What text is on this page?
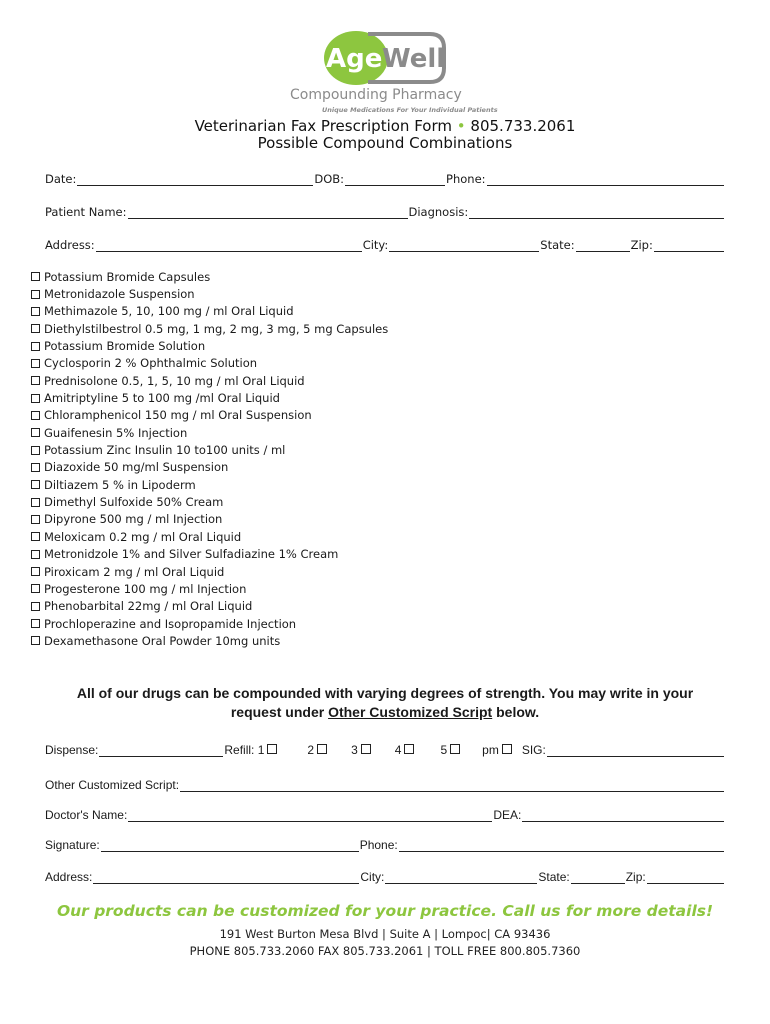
Age Well
Compounding Pharmacy
Unique Medications For Your Individual Patients
Veterinarian Fax Prescription Form • 805.733.2061
Possible Compound Combinations
Date:	DOB:	Phone:
Patient Name:	Diagnosis:
Address:	City:	State:	Zip:
Potassium Bromide Capsules
Metronidazole Suspension
Methimazole 5, 10, 100 mg / ml Oral Liquid
Diethylstilbestrol 0.5 mg, 1 mg, 2 mg, 3 mg, 5 mg Capsules
Potassium Bromide Solution
Cyclosporin 2 % Ophthalmic Solution
Prednisolone 0.5, 1, 5, 10 mg / ml Oral Liquid
Amitriptyline 5 to 100 mg /ml Oral Liquid
Chloramphenicol 150 mg / ml Oral Suspension
Guaifenesin 5% Injection
Potassium Zinc Insulin 10 to100 units / ml
Diazoxide 50 mg/ml Suspension
Diltiazem 5 % in Lipoderm
Dimethyl Sulfoxide 50% Cream
Dipyrone 500 mg / ml Injection
Meloxicam 0.2 mg / ml Oral Liquid
Metronidzole 1% and Silver Sulfadiazine 1% Cream
Piroxicam 2 mg / ml Oral Liquid
Progesterone 100 mg / ml Injection
Phenobarbital 22mg / ml Oral Liquid
Prochloperazine and Isopropamide Injection
Dexamethasone Oral Powder 10mg units
All of our drugs can be compounded with varying degrees of strength. You may write in your
request under Other Customized Script below.
Dispense:	Refill: 1	2	3	4	5	pm SIG:
Other Customized Script:
Doctor's Name:	DEA:
Signature:	Phone:
Address:	City:	State:	Zip:
Our products can be customized for your practice. Call us for more details!
191 West Burton Mesa Blvd | Suite A | Lompoc| CA 93436
PHONE 805.733.2060 FAX 805.733.2061 | TOLL FREE 800.805.7360
